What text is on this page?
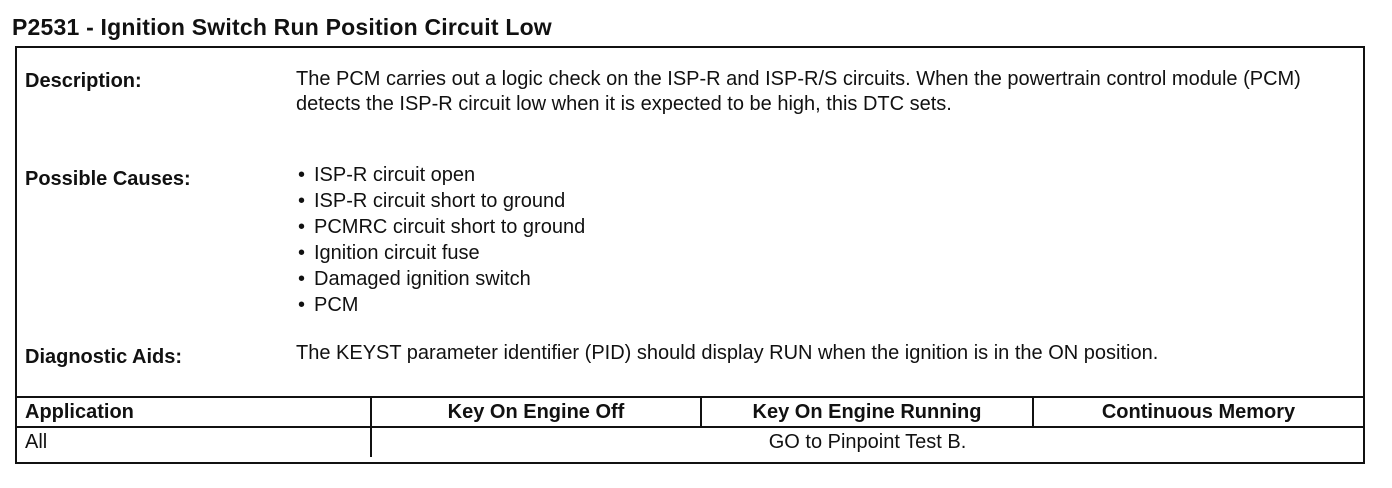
P2531 - Ignition Switch Run Position Circuit Low
Description:	The PCM carries out a logic check on the ISP-R and ISP-R/S circuits. When the powertrain control module (PCM) detects the ISP-R circuit low when it is expected to be high, this DTC sets.
Possible Causes:	• ISP-R circuit open
• ISP-R circuit short to ground
• PCMRC circuit short to ground
• Ignition circuit fuse
• Damaged ignition switch
• PCM
Diagnostic Aids:	The KEYST parameter identifier (PID) should display RUN when the ignition is in the ON position.
Application	Key On Engine Off	Key On Engine Running	Continuous Memory
All	GO to Pinpoint Test B.		
